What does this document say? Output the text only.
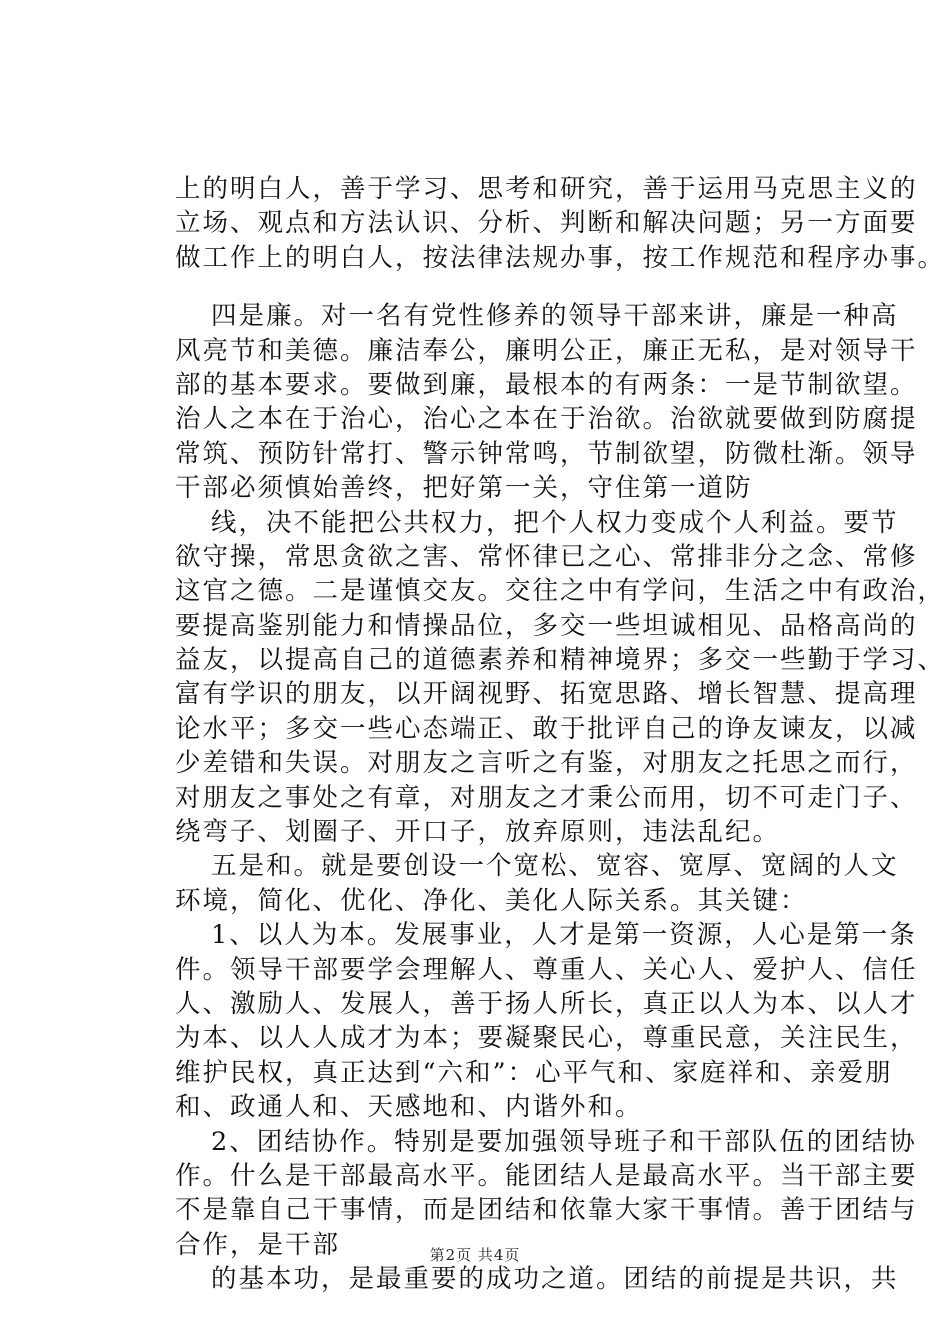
上的明白人，善于学习、思考和研究，善于运用马克思主义的
立场、观点和方法认识、分析、判断和解决问题；另一方面要
做工作上的明白人，按法律法规办事，按工作规范和程序办事。
四是廉。对一名有党性修养的领导干部来讲，廉是一种高
风亮节和美德。廉洁奉公，廉明公正，廉正无私，是对领导干
部的基本要求。要做到廉，最根本的有两条：一是节制欲望。
治人之本在于治心，治心之本在于治欲。治欲就要做到防腐提
常筑、预防针常打、警示钟常鸣，节制欲望，防微杜渐。领导
干部必须慎始善终，把好第一关，守住第一道防
线，决不能把公共权力，把个人权力变成个人利益。要节
欲守操，常思贪欲之害、常怀律已之心、常排非分之念、常修
这官之德。二是谨慎交友。交往之中有学问，生活之中有政治，
要提高鉴别能力和情操品位，多交一些坦诚相见、品格高尚的
益友，以提高自己的道德素养和精神境界；多交一些勤于学习、
富有学识的朋友，以开阔视野、拓宽思路、增长智慧、提高理
论水平；多交一些心态端正、敢于批评自己的诤友谏友，以减
少差错和失误。对朋友之言听之有鉴，对朋友之托思之而行，
对朋友之事处之有章，对朋友之才秉公而用，切不可走门子、
绕弯子、划圈子、开口子，放弃原则，违法乱纪。
五是和。就是要创设一个宽松、宽容、宽厚、宽阔的人文
环境，简化、优化、净化、美化人际关系。其关键：
1、以人为本。发展事业，人才是第一资源，人心是第一条
件。领导干部要学会理解人、尊重人、关心人、爱护人、信任
人、激励人、发展人，善于扬人所长，真正以人为本、以人才
为本、以人人成才为本；要凝聚民心，尊重民意，关注民生，
维护民权，真正达到“六和”：心平气和、家庭祥和、亲爱朋
和、政通人和、天感地和、内谐外和。
2、团结协作。特别是要加强领导班子和干部队伍的团结协
作。什么是干部最高水平。能团结人是最高水平。当干部主要
不是靠自己干事情，而是团结和依靠大家干事情。善于团结与
合作，是干部
的基本功，是最重要的成功之道。团结的前提是共识，共
第2页 共4页
